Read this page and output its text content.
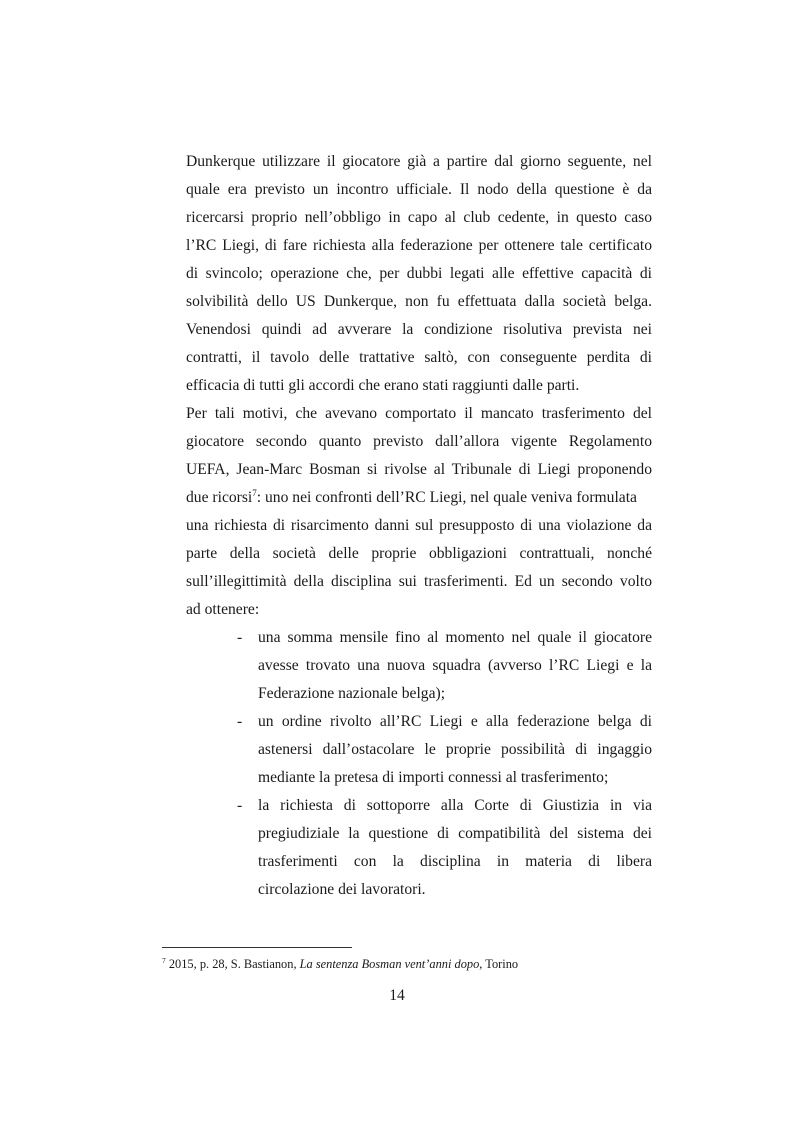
Dunkerque utilizzare il giocatore già a partire dal giorno seguente, nel
quale era previsto un incontro ufficiale. Il nodo della questione è da
ricercarsi proprio nell’obbligo in capo al club cedente, in questo caso
l’RC Liegi, di fare richiesta alla federazione per ottenere tale certificato
di svincolo; operazione che, per dubbi legati alle effettive capacità di
solvibilità dello US Dunkerque, non fu effettuata dalla società belga.
Venendosi quindi ad avverare la condizione risolutiva prevista nei
contratti, il tavolo delle trattative saltò, con conseguente perdita di
efficacia di tutti gli accordi che erano stati raggiunti dalle parti.
Per tali motivi, che avevano comportato il mancato trasferimento del
giocatore secondo quanto previsto dall’allora vigente Regolamento
UEFA, Jean-Marc Bosman si rivolse al Tribunale di Liegi proponendo
due ricorsi$^7$: uno nei confronti dell’RC Liegi, nel quale veniva formulata
una richiesta di risarcimento danni sul presupposto di una violazione da
parte della società delle proprie obbligazioni contrattuali, nonché
sull’illegittimità della disciplina sui trasferimenti. Ed un secondo volto
ad ottenere:
- una somma mensile fino al momento nel quale il giocatore
avesse trovato una nuova squadra (avverso l’RC Liegi e la
Federazione nazionale belga);
- un ordine rivolto all’RC Liegi e alla federazione belga di
astenersi dall’ostacolare le proprie possibilità di ingaggio
mediante la pretesa di importi connessi al trasferimento;
- la richiesta di sottoporre alla Corte di Giustizia in via
pregiudiziale la questione di compatibilità del sistema dei
trasferimenti con la disciplina in materia di libera
circolazione dei lavoratori.
$^7$ 2015, p. 28, S. Bastianon, La sentenza Bosman vent’anni dopo, Torino
14
